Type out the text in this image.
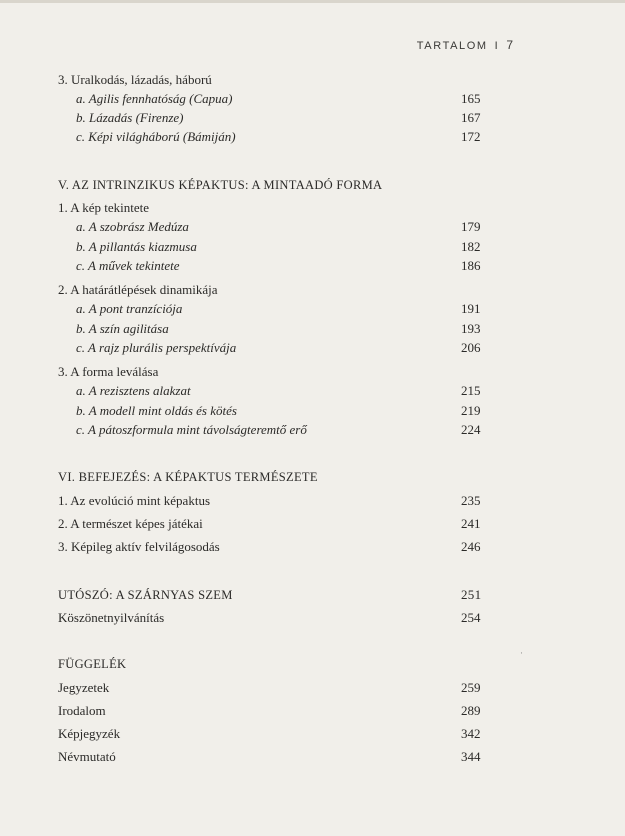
TARTALOM I 7
3. Uralkodás, lázadás, háború
a. Agilis fennhatóság (Capua)	165
b. Lázadás (Firenze)	167
c. Képi világháború (Bámiján)	172
V. AZ INTRINZIKUS KÉPAKTUS: A MINTAADÓ FORMA
1. A kép tekintete
a. A szobrász Medúza	179
b. A pillantás kiazmusa	182
c. A művek tekintete	186
2. A határátlépések dinamikája
a. A pont tranzíciója	191
b. A szín agilitása	193
c. A rajz plurális perspektívája	206
3. A forma leválása
a. A rezisztens alakzat	215
b. A modell mint oldás és kötés	219
c. A pátoszformula mint távolságteremtő erő	224
VI. BEFEJEZÉS: A KÉPAKTUS TERMÉSZETE
1. Az evolúció mint képaktus	235
2. A természet képes játékai	241
3. Képileg aktív felvilágosodás	246
UTÓSZÓ: A SZÁRNYAS SZEM	251
Köszönetnyilvánítás	254
FÜGGELÉK
Jegyzetek	259
Irodalom	289
Képjegyzék	342
Névmutató	344
·
